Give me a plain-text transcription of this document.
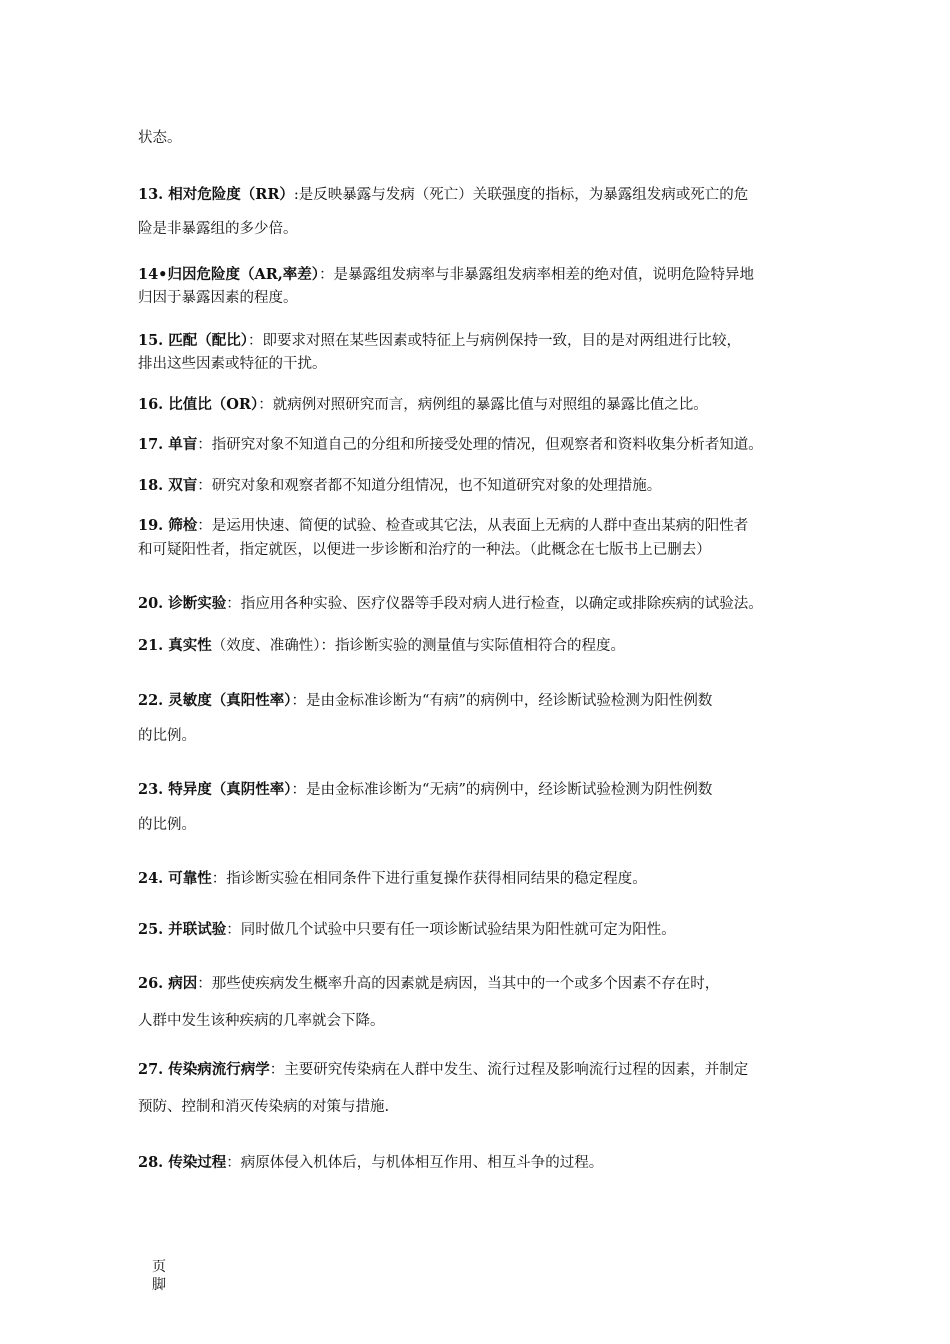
状态。
13. 相对危险度（RR）:是反映暴露与发病（死亡）关联强度的指标，为暴露组发病或死亡的危
险是非暴露组的多少倍。
14•归因危险度（AR,率差）：是暴露组发病率与非暴露组发病率相差的绝对值，说明危险特异地
归因于暴露因素的程度。
15. 匹配（配比）：即要求对照在某些因素或特征上与病例保持一致，目的是对两组进行比较，
排出这些因素或特征的干扰。
16. 比值比（OR）：就病例对照研究而言，病例组的暴露比值与对照组的暴露比值之比。
17. 单盲：指研究对象不知道自己的分组和所接受处理的情况，但观察者和资料收集分析者知道。
18. 双盲：研究对象和观察者都不知道分组情况，也不知道研究对象的处理措施。
19. 筛检：是运用快速、简便的试验、检查或其它法，从表面上无病的人群中查出某病的阳性者
和可疑阳性者，指定就医，以便进一步诊断和治疗的一种法。（此概念在七版书上已删去）
20. 诊断实验：指应用各种实验、医疗仪器等手段对病人进行检查，以确定或排除疾病的试验法。
21. 真实性（效度、准确性）：指诊断实验的测量值与实际值相符合的程度。
22. 灵敏度（真阳性率）：是由金标准诊断为“有病”的病例中，经诊断试验检测为阳性例数
的比例。
23. 特异度（真阴性率）：是由金标准诊断为“无病”的病例中，经诊断试验检测为阴性例数
的比例。
24. 可靠性：指诊断实验在相同条件下进行重复操作获得相同结果的稳定程度。
25. 并联试验：同时做几个试验中只要有任一项诊断试验结果为阳性就可定为阳性。
26. 病因：那些使疾病发生概率升高的因素就是病因，当其中的一个或多个因素不存在时，
人群中发生该种疾病的几率就会下降。
27. 传染病流行病学：主要研究传染病在人群中发生、流行过程及影响流行过程的因素，并制定
预防、控制和消灭传染病的对策与措施.
28. 传染过程：病原体侵入机体后，与机体相互作用、相互斗争的过程。
页脚
